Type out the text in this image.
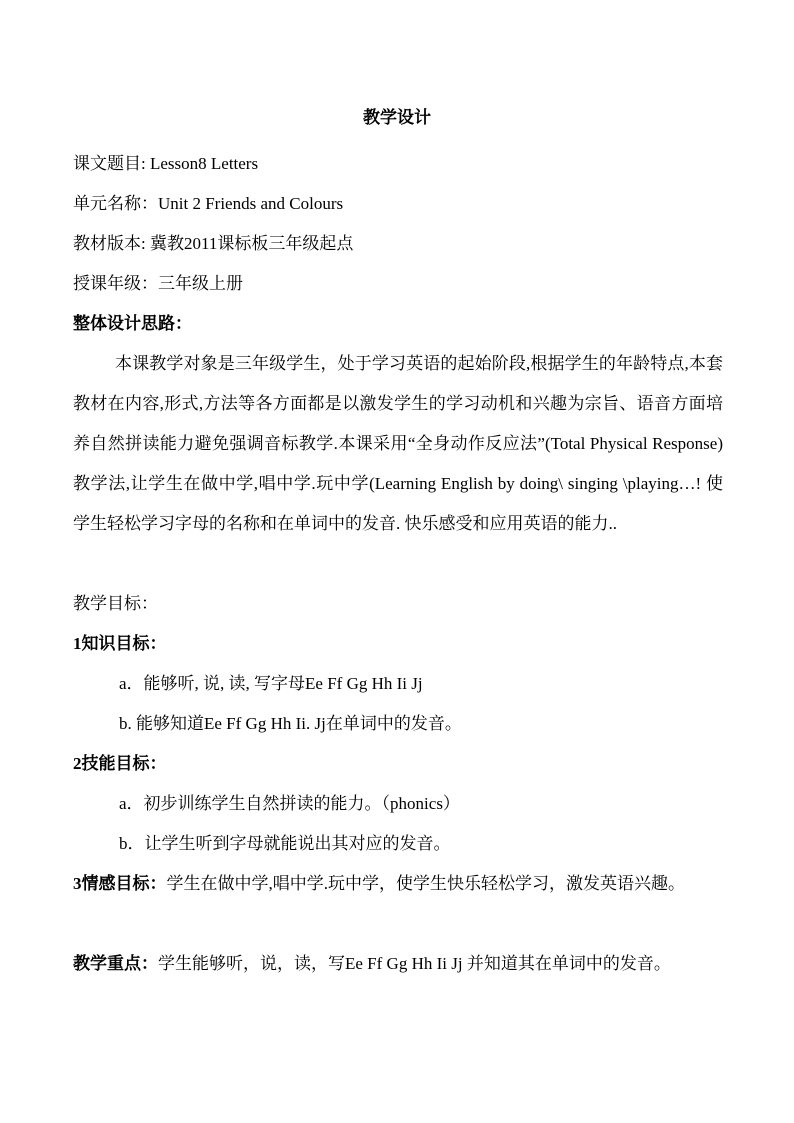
教学设计
课文题目: Lesson8 Letters
单元名称：Unit 2 Friends and Colours
教材版本: 冀教2011课标板三年级起点
授课年级：三年级上册
整体设计思路：
本课教学对象是三年级学生，处于学习英语的起始阶段,根据学生的年龄特点,本套教材在内容,形式,方法等各方面都是以激发学生的学习动机和兴趣为宗旨、语音方面培养自然拼读能力避免强调音标教学.本课采用“全身动作反应法”(Total Physical Response) 教学法,让学生在做中学,唱中学.玩中学(Learning English by doing\ singing \playing…! 使学生轻松学习字母的名称和在单词中的发音. 快乐感受和应用英语的能力..
教学目标：
1知识目标：
a．能够听, 说, 读, 写字母Ee Ff Gg Hh Ii Jj
b. 能够知道Ee Ff Gg Hh Ii. Jj在单词中的发音。
2技能目标：
a．初步训练学生自然拼读的能力。（phonics）
b．让学生听到字母就能说出其对应的发音。
3情感目标：学生在做中学,唱中学.玩中学，使学生快乐轻松学习，激发英语兴趣。
教学重点：学生能够听，说，读，写Ee Ff Gg Hh Ii Jj 并知道其在单词中的发音。
